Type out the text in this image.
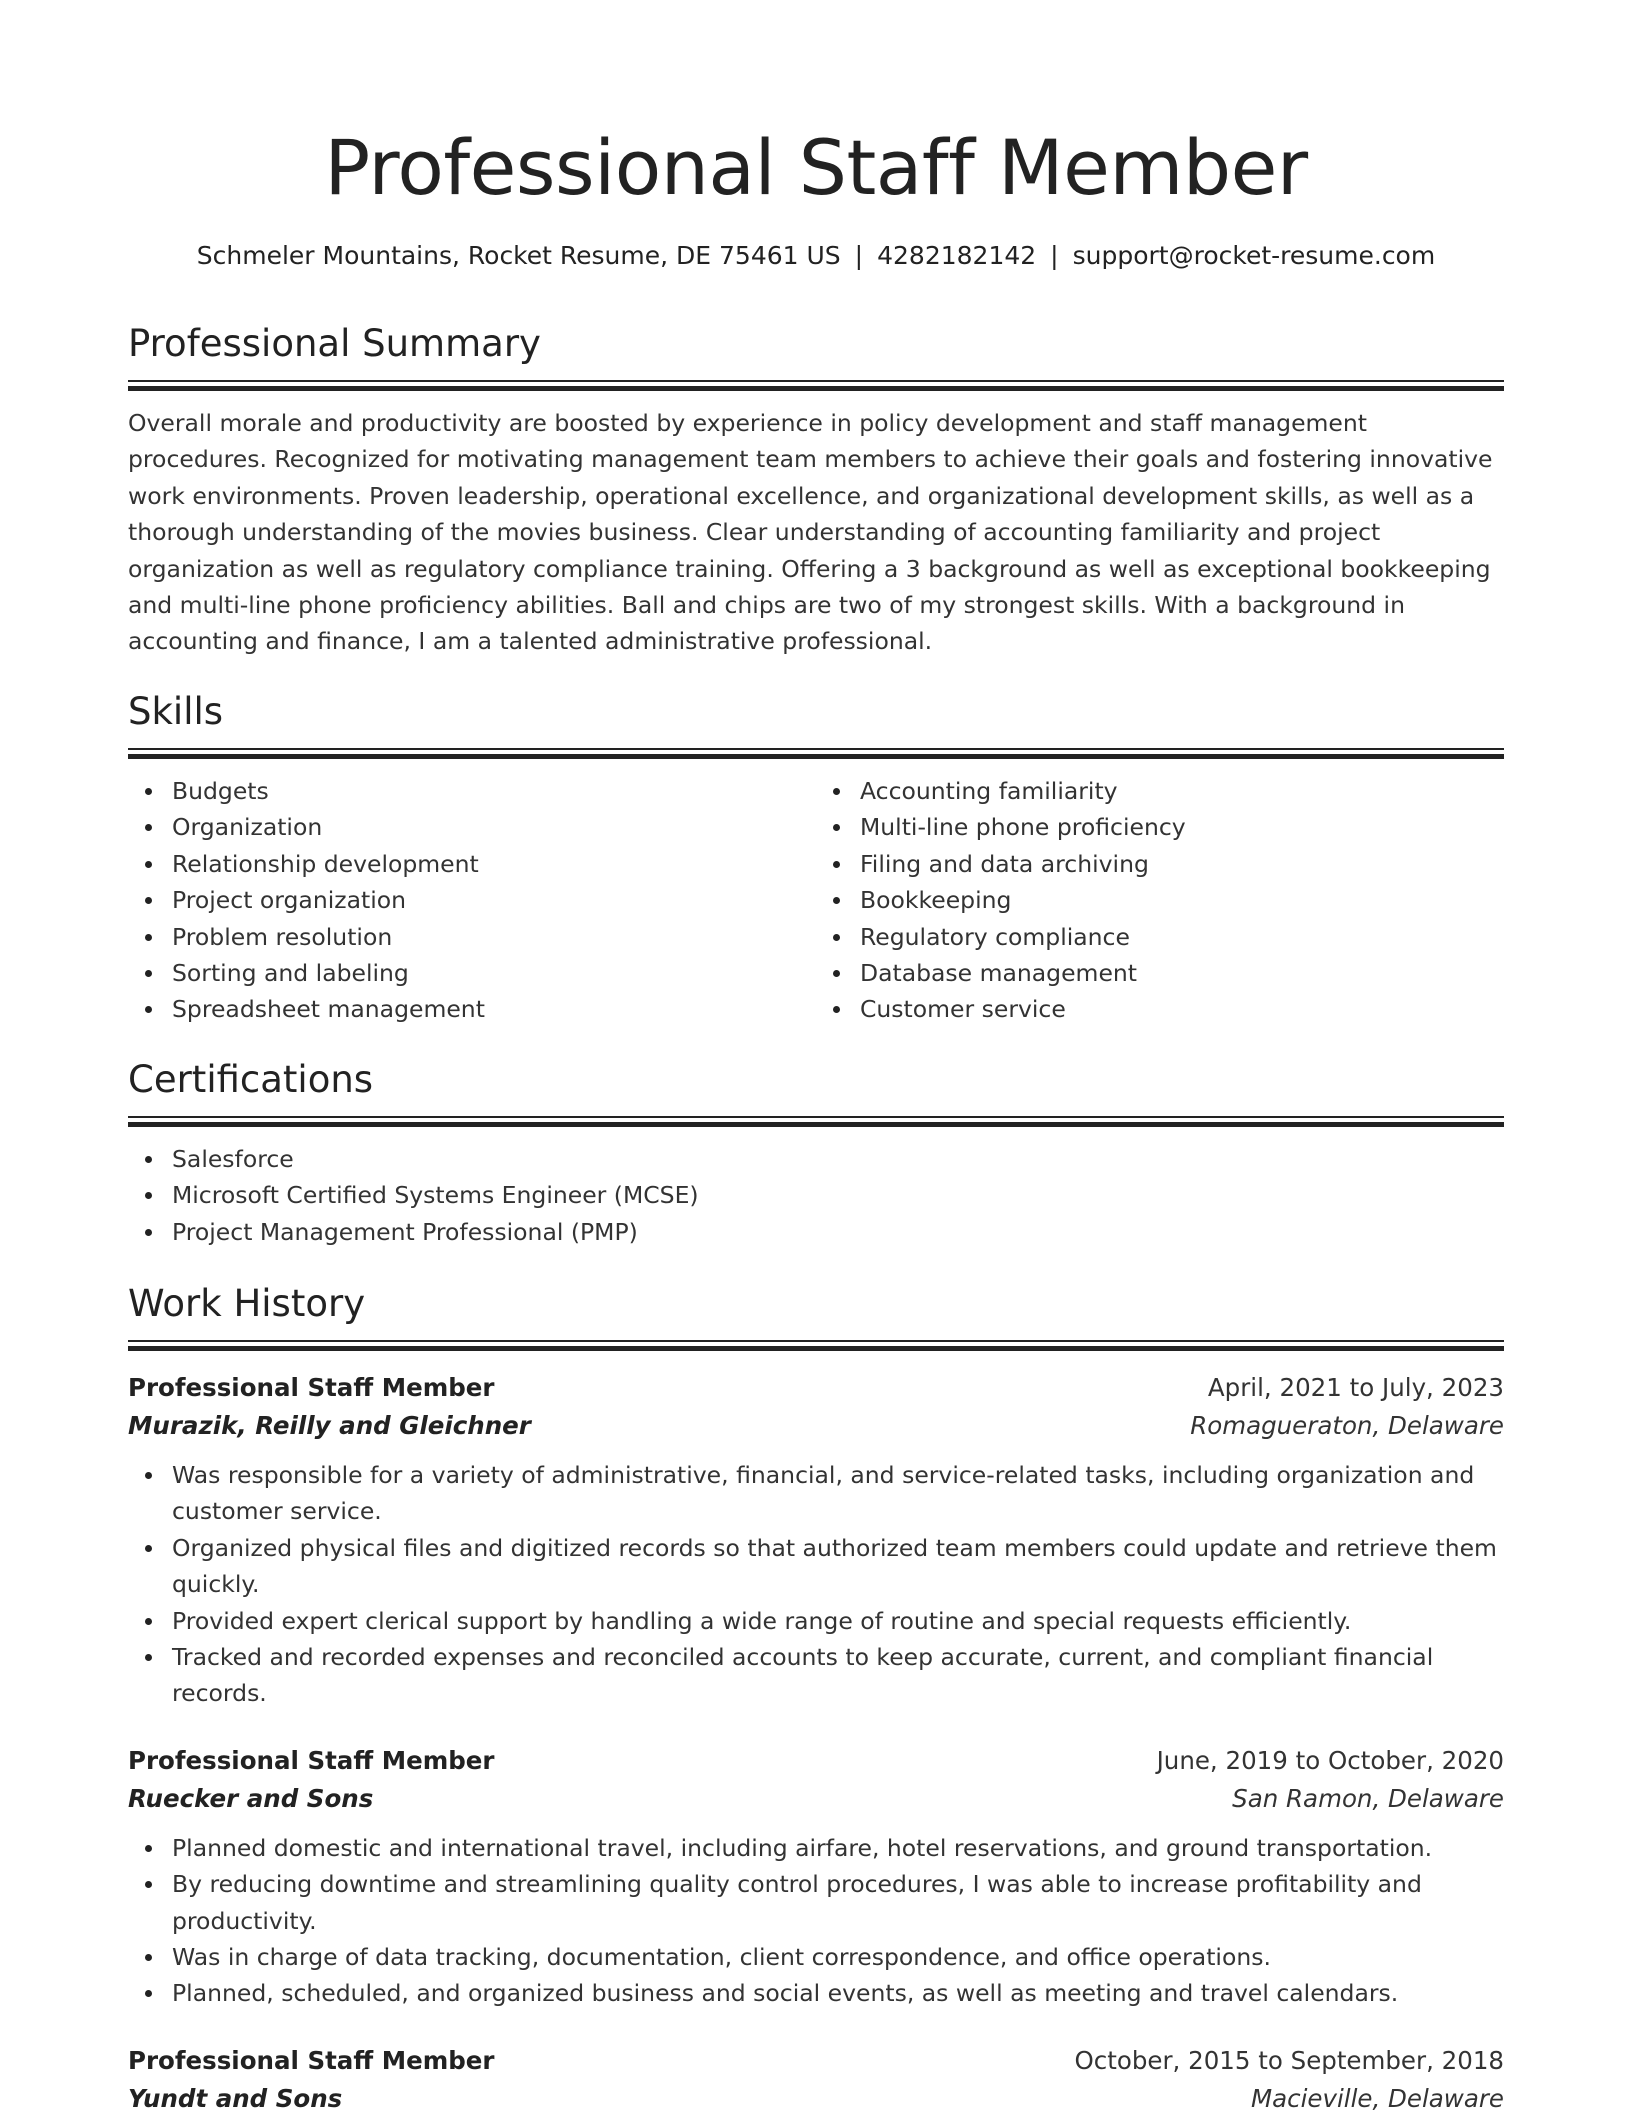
Professional Staff Member
Schmeler Mountains, Rocket Resume, DE 75461 US | 4282182142 | support@rocket-resume.com
Professional Summary

Overall morale and productivity are boosted by experience in policy development and staff management procedures. Recognized for motivating management team members to achieve their goals and fostering innovative work environments. Proven leadership, operational excellence, and organizational development skills, as well as a thorough understanding of the movies business. Clear understanding of accounting familiarity and project organization as well as regulatory compliance training. Offering a 3 background as well as exceptional bookkeeping and multi-line phone proficiency abilities. Ball and chips are two of my strongest skills. With a background in accounting and finance, I am a talented administrative professional.

Skills
Budgets
Organization
Relationship development
Project organization
Problem resolution
Sorting and labeling
Spreadsheet management
Accounting familiarity
Multi-line phone proficiency
Filing and data archiving
Bookkeeping
Regulatory compliance
Database management
Customer service
Certifications
Salesforce
Microsoft Certified Systems Engineer (MCSE)
Project Management Professional (PMP)
Work History
Professional Staff Member	April, 2021 to July, 2023
Murazik, Reilly and Gleichner	Romagueraton, Delaware
Was responsible for a variety of administrative, financial, and service-related tasks, including organization and customer service.
Organized physical files and digitized records so that authorized team members could update and retrieve them quickly.
Provided expert clerical support by handling a wide range of routine and special requests efficiently.
Tracked and recorded expenses and reconciled accounts to keep accurate, current, and compliant financial records.
Professional Staff Member	June, 2019 to October, 2020
Ruecker and Sons	San Ramon, Delaware
Planned domestic and international travel, including airfare, hotel reservations, and ground transportation.
By reducing downtime and streamlining quality control procedures, I was able to increase profitability and productivity.
Was in charge of data tracking, documentation, client correspondence, and office operations.
Planned, scheduled, and organized business and social events, as well as meeting and travel calendars.
Professional Staff Member	October, 2015 to September, 2018
Yundt and Sons	Macieville, Delaware
